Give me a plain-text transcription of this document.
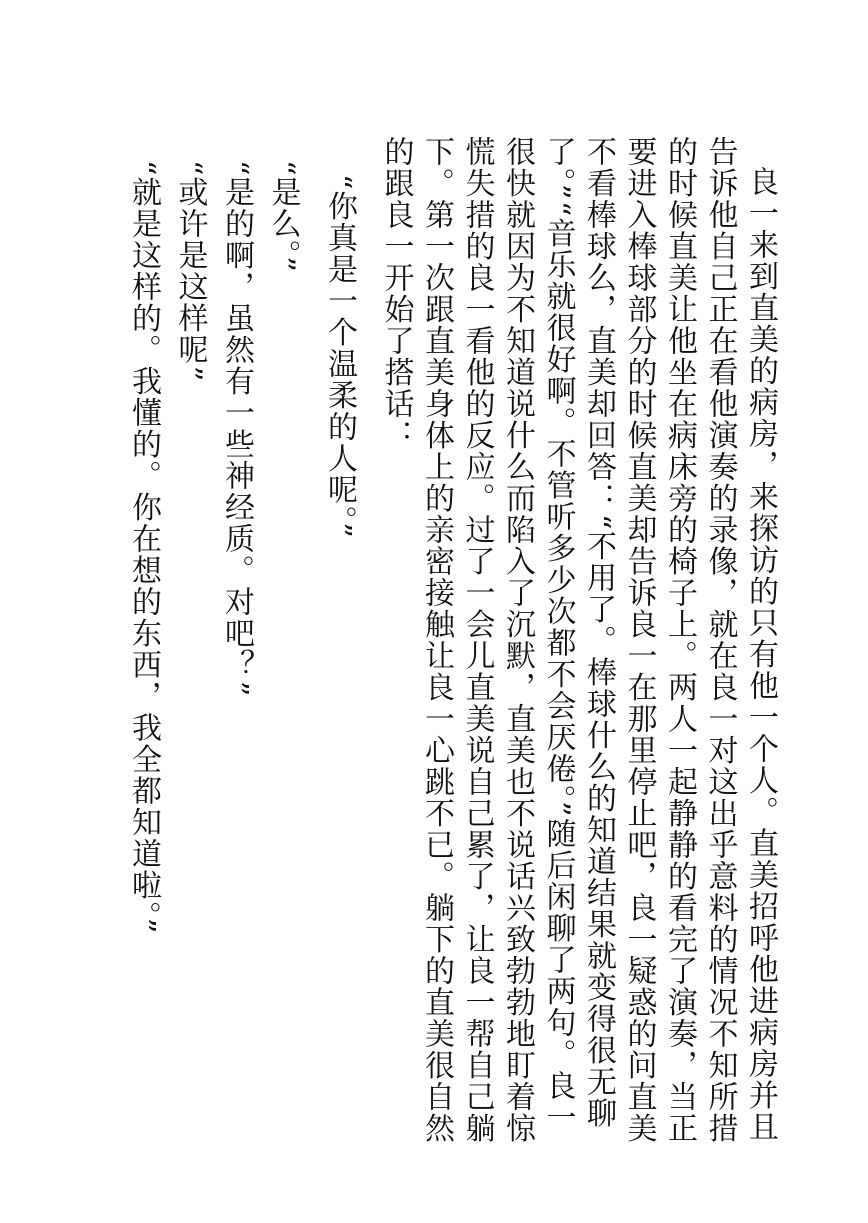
良一来到直美的病房，来探访的只有他一个人。直美招呼他进病房并且告诉他自己正在看他演奏的录像，就在良一对这出乎意料的情况不知所措的时候直美让他坐在病床旁的椅子上。两人一起静静的看完了演奏，当正要进入棒球部分的时候直美却告诉良一在那里停止吧，良一疑惑的问直美不看棒球么，直美却回答：“不用了。棒球什么的知道结果就变得很无聊了。”“音乐就很好啊。不管听多少次都不会厌倦。”随后闲聊了两句。良一很快就因为不知道说什么而陷入了沉默，直美也不说话兴致勃勃地盯着惊慌失措的良一看他的反应。过了一会儿直美说自己累了，让良一帮自己躺下。第一次跟直美身体上的亲密接触让良一心跳不已。躺下的直美很自然的跟良一开始了搭话：

“你真是一个温柔的人呢。”

“是么。”

“是的啊，虽然有一些神经质。对吧？”

“或许是这样呢”

“就是这样的。我懂的。你在想的东西，我全都知道啦。”
